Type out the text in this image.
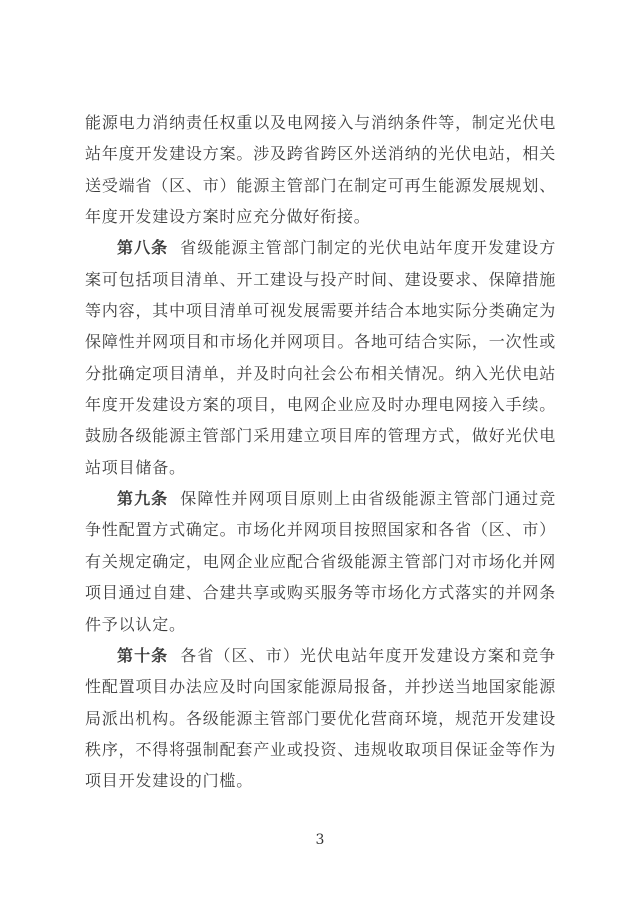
能源电力消纳责任权重以及电网接入与消纳条件等，制定光伏电站年度开发建设方案。涉及跨省跨区外送消纳的光伏电站，相关送受端省（区、市）能源主管部门在制定可再生能源发展规划、年度开发建设方案时应充分做好衔接。

第八条 省级能源主管部门制定的光伏电站年度开发建设方案可包括项目清单、开工建设与投产时间、建设要求、保障措施等内容，其中项目清单可视发展需要并结合本地实际分类确定为保障性并网项目和市场化并网项目。各地可结合实际，一次性或分批确定项目清单，并及时向社会公布相关情况。纳入光伏电站年度开发建设方案的项目，电网企业应及时办理电网接入手续。鼓励各级能源主管部门采用建立项目库的管理方式，做好光伏电站项目储备。

第九条 保障性并网项目原则上由省级能源主管部门通过竞争性配置方式确定。市场化并网项目按照国家和各省（区、市）有关规定确定，电网企业应配合省级能源主管部门对市场化并网项目通过自建、合建共享或购买服务等市场化方式落实的并网条件予以认定。

第十条 各省（区、市）光伏电站年度开发建设方案和竞争性配置项目办法应及时向国家能源局报备，并抄送当地国家能源局派出机构。各级能源主管部门要优化营商环境，规范开发建设秩序，不得将强制配套产业或投资、违规收取项目保证金等作为项目开发建设的门槛。

3
